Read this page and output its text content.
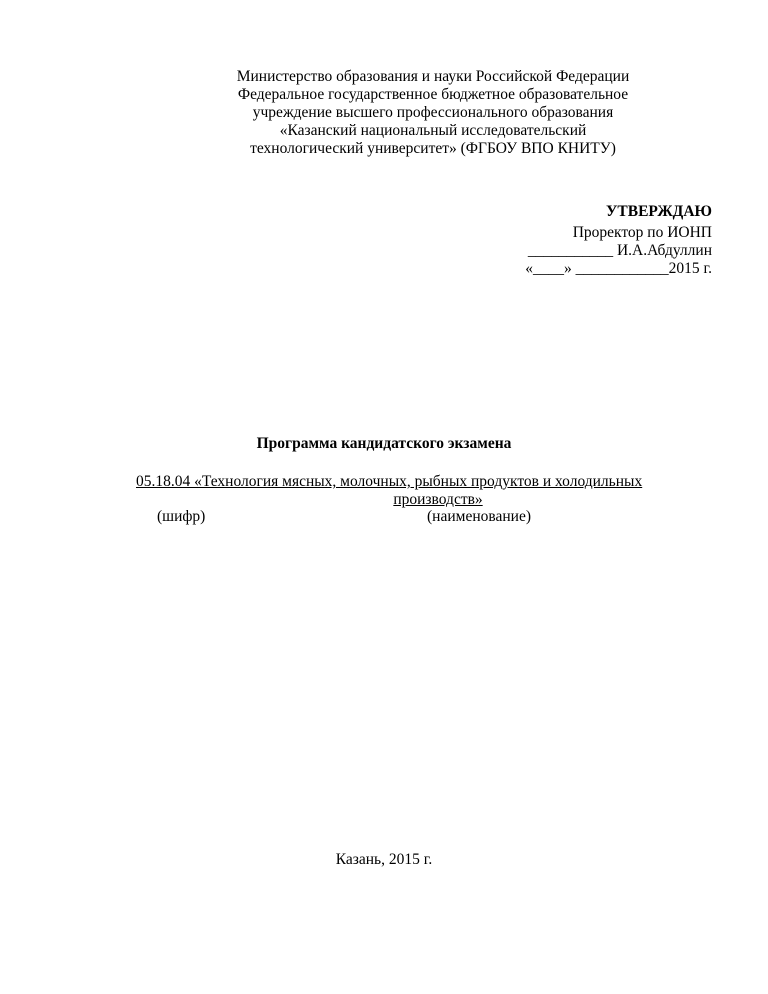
Министерство образования и науки Российской Федерации
Федеральное государственное бюджетное образовательное
учреждение высшего профессионального образования
«Казанский национальный исследовательский
технологический университет» (ФГБОУ ВПО КНИТУ)
УТВЕРЖДАЮ
Проректор по ИОНП
___________ И.А.Абдуллин
«____» ____________2015 г.
Программа кандидатского экзамена
05.18.04 «Технология мясных, молочных, рыбных продуктов и холодильных
производств»
(шифр)	(наименование)
Казань, 2015 г.
